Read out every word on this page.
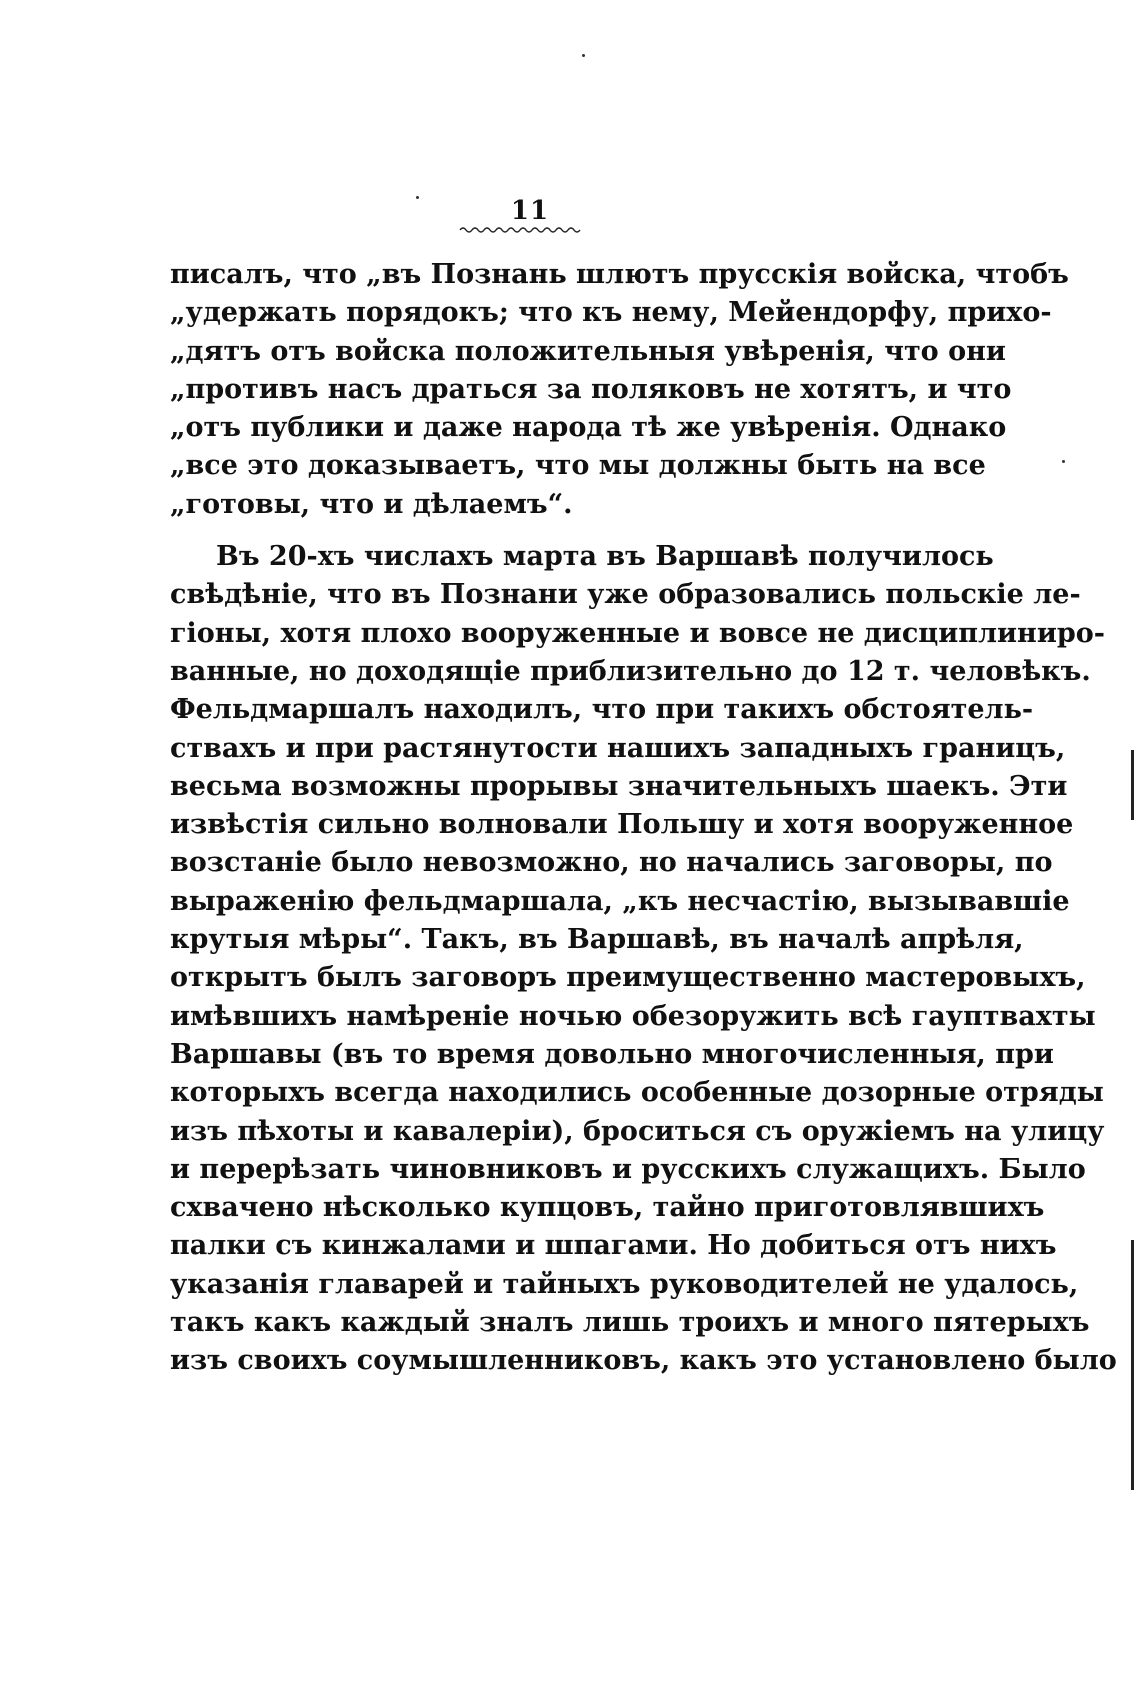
11
писалъ, что „въ Познань шлютъ прусскія войска, чтобъ
„удержать порядокъ; что къ нему, Мейендорфу, прихо-
„дятъ отъ войска положительныя увѣренія, что они
„противъ насъ драться за поляковъ не хотятъ, и что
„отъ публики и даже народа тѣ же увѣренія. Однако
„все это доказываетъ, что мы должны быть на все
„готовы, что и дѣлаемъ“.
Въ 20-хъ числахъ марта въ Варшавѣ получилось
свѣдѣніе, что въ Познани уже образовались польскіе ле-
гіоны, хотя плохо вооруженные и вовсе не дисциплиниро-
ванные, но доходящіе приблизительно до 12 т. человѣкъ.
Фельдмаршалъ находилъ, что при такихъ обстоятель-
ствахъ и при растянутости нашихъ западныхъ границъ,
весьма возможны прорывы значительныхъ шаекъ. Эти
извѣстія сильно волновали Польшу и хотя вооруженное
возстаніе было невозможно, но начались заговоры, по
выраженію фельдмаршала, „къ несчастію, вызывавшіе
крутыя мѣры“. Такъ, въ Варшавѣ, въ началѣ апрѣля,
открытъ былъ заговоръ преимущественно мастеровыхъ,
имѣвшихъ намѣреніе ночью обезоружить всѣ гауптвахты
Варшавы (въ то время довольно многочисленныя, при
которыхъ всегда находились особенные дозорные отряды
изъ пѣхоты и кавалеріи), броситься съ оружіемъ на улицу
и перерѣзать чиновниковъ и русскихъ служащихъ. Было
схвачено нѣсколько купцовъ, тайно приготовлявшихъ
палки съ кинжалами и шпагами. Но добиться отъ нихъ
указанія главарей и тайныхъ руководителей не удалось,
такъ какъ каждый зналъ лишь троихъ и много пятерыхъ
изъ своихъ соумышленниковъ, какъ это установлено было
